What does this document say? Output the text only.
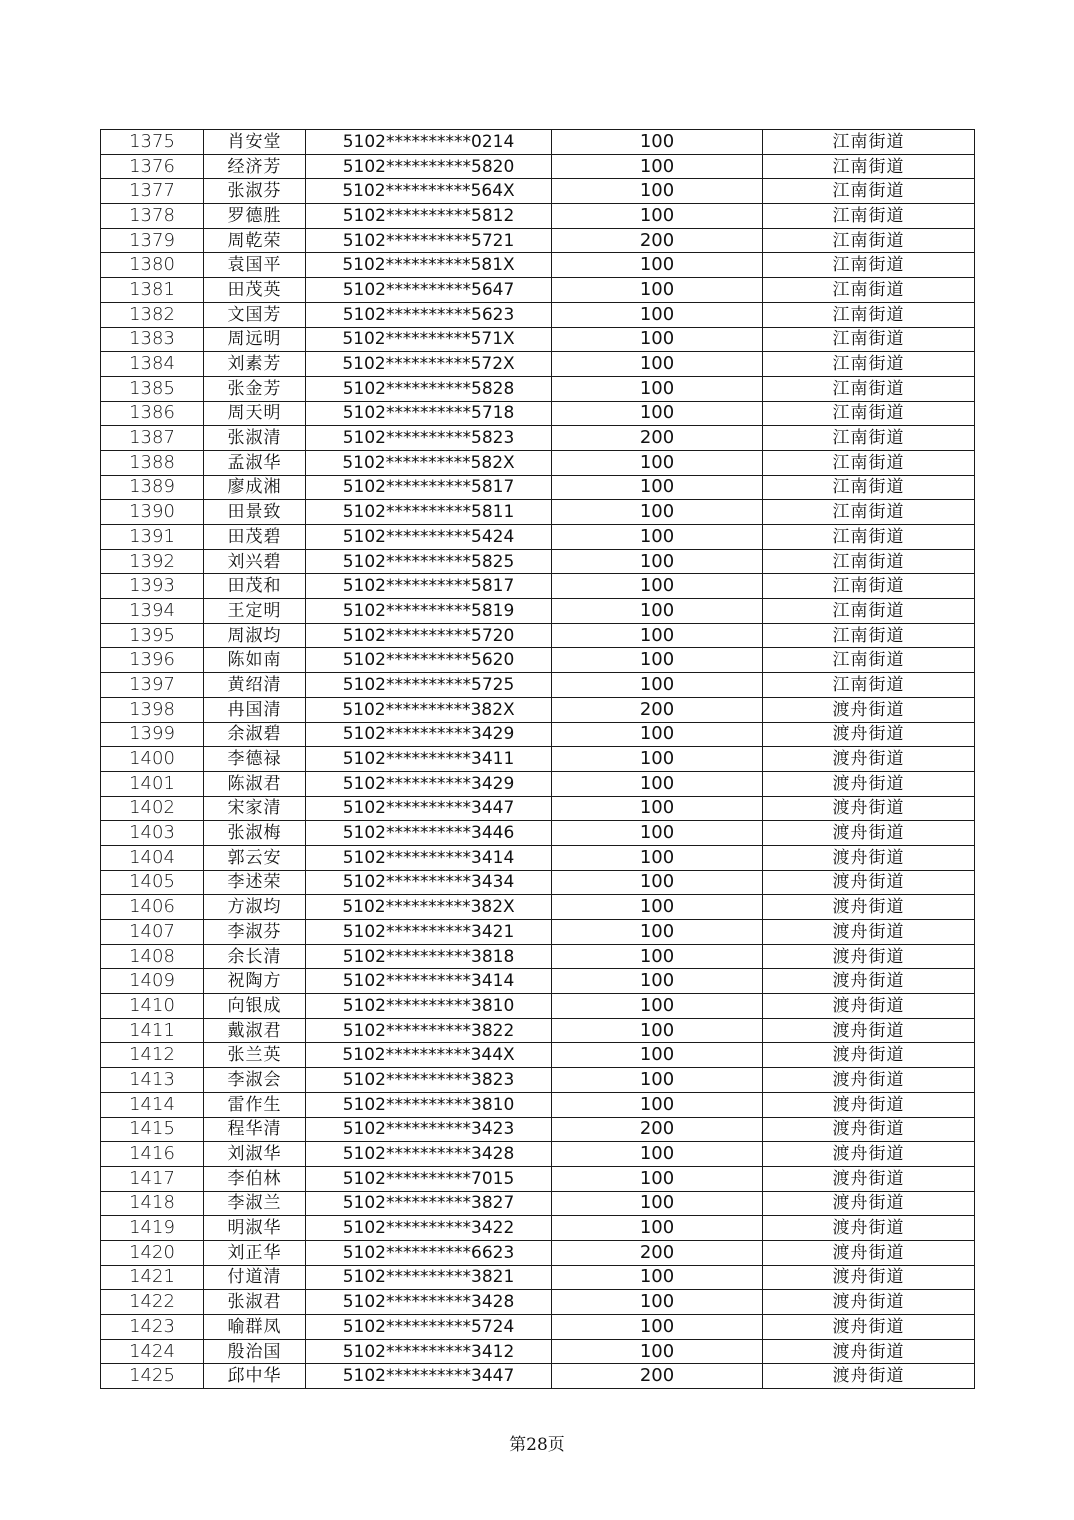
1375	肖安堂	5102**********0214	100	江南街道
1376	经济芳	5102**********5820	100	江南街道
1377	张淑芬	5102**********564X	100	江南街道
1378	罗德胜	5102**********5812	100	江南街道
1379	周乾荣	5102**********5721	200	江南街道
1380	袁国平	5102**********581X	100	江南街道
1381	田茂英	5102**********5647	100	江南街道
1382	文国芳	5102**********5623	100	江南街道
1383	周远明	5102**********571X	100	江南街道
1384	刘素芳	5102**********572X	100	江南街道
1385	张金芳	5102**********5828	100	江南街道
1386	周天明	5102**********5718	100	江南街道
1387	张淑清	5102**********5823	200	江南街道
1388	孟淑华	5102**********582X	100	江南街道
1389	廖成湘	5102**********5817	100	江南街道
1390	田景致	5102**********5811	100	江南街道
1391	田茂碧	5102**********5424	100	江南街道
1392	刘兴碧	5102**********5825	100	江南街道
1393	田茂和	5102**********5817	100	江南街道
1394	王定明	5102**********5819	100	江南街道
1395	周淑均	5102**********5720	100	江南街道
1396	陈如南	5102**********5620	100	江南街道
1397	黄绍清	5102**********5725	100	江南街道
1398	冉国清	5102**********382X	200	渡舟街道
1399	余淑碧	5102**********3429	100	渡舟街道
1400	李德禄	5102**********3411	100	渡舟街道
1401	陈淑君	5102**********3429	100	渡舟街道
1402	宋家清	5102**********3447	100	渡舟街道
1403	张淑梅	5102**********3446	100	渡舟街道
1404	郭云安	5102**********3414	100	渡舟街道
1405	李述荣	5102**********3434	100	渡舟街道
1406	方淑均	5102**********382X	100	渡舟街道
1407	李淑芬	5102**********3421	100	渡舟街道
1408	余长清	5102**********3818	100	渡舟街道
1409	祝陶方	5102**********3414	100	渡舟街道
1410	向银成	5102**********3810	100	渡舟街道
1411	戴淑君	5102**********3822	100	渡舟街道
1412	张兰英	5102**********344X	100	渡舟街道
1413	李淑会	5102**********3823	100	渡舟街道
1414	雷作生	5102**********3810	100	渡舟街道
1415	程华清	5102**********3423	200	渡舟街道
1416	刘淑华	5102**********3428	100	渡舟街道
1417	李伯林	5102**********7015	100	渡舟街道
1418	李淑兰	5102**********3827	100	渡舟街道
1419	明淑华	5102**********3422	100	渡舟街道
1420	刘正华	5102**********6623	200	渡舟街道
1421	付道清	5102**********3821	100	渡舟街道
1422	张淑君	5102**********3428	100	渡舟街道
1423	喻群凤	5102**********5724	100	渡舟街道
1424	殷治国	5102**********3412	100	渡舟街道
1425	邱中华	5102**********3447	200	渡舟街道
第28页
